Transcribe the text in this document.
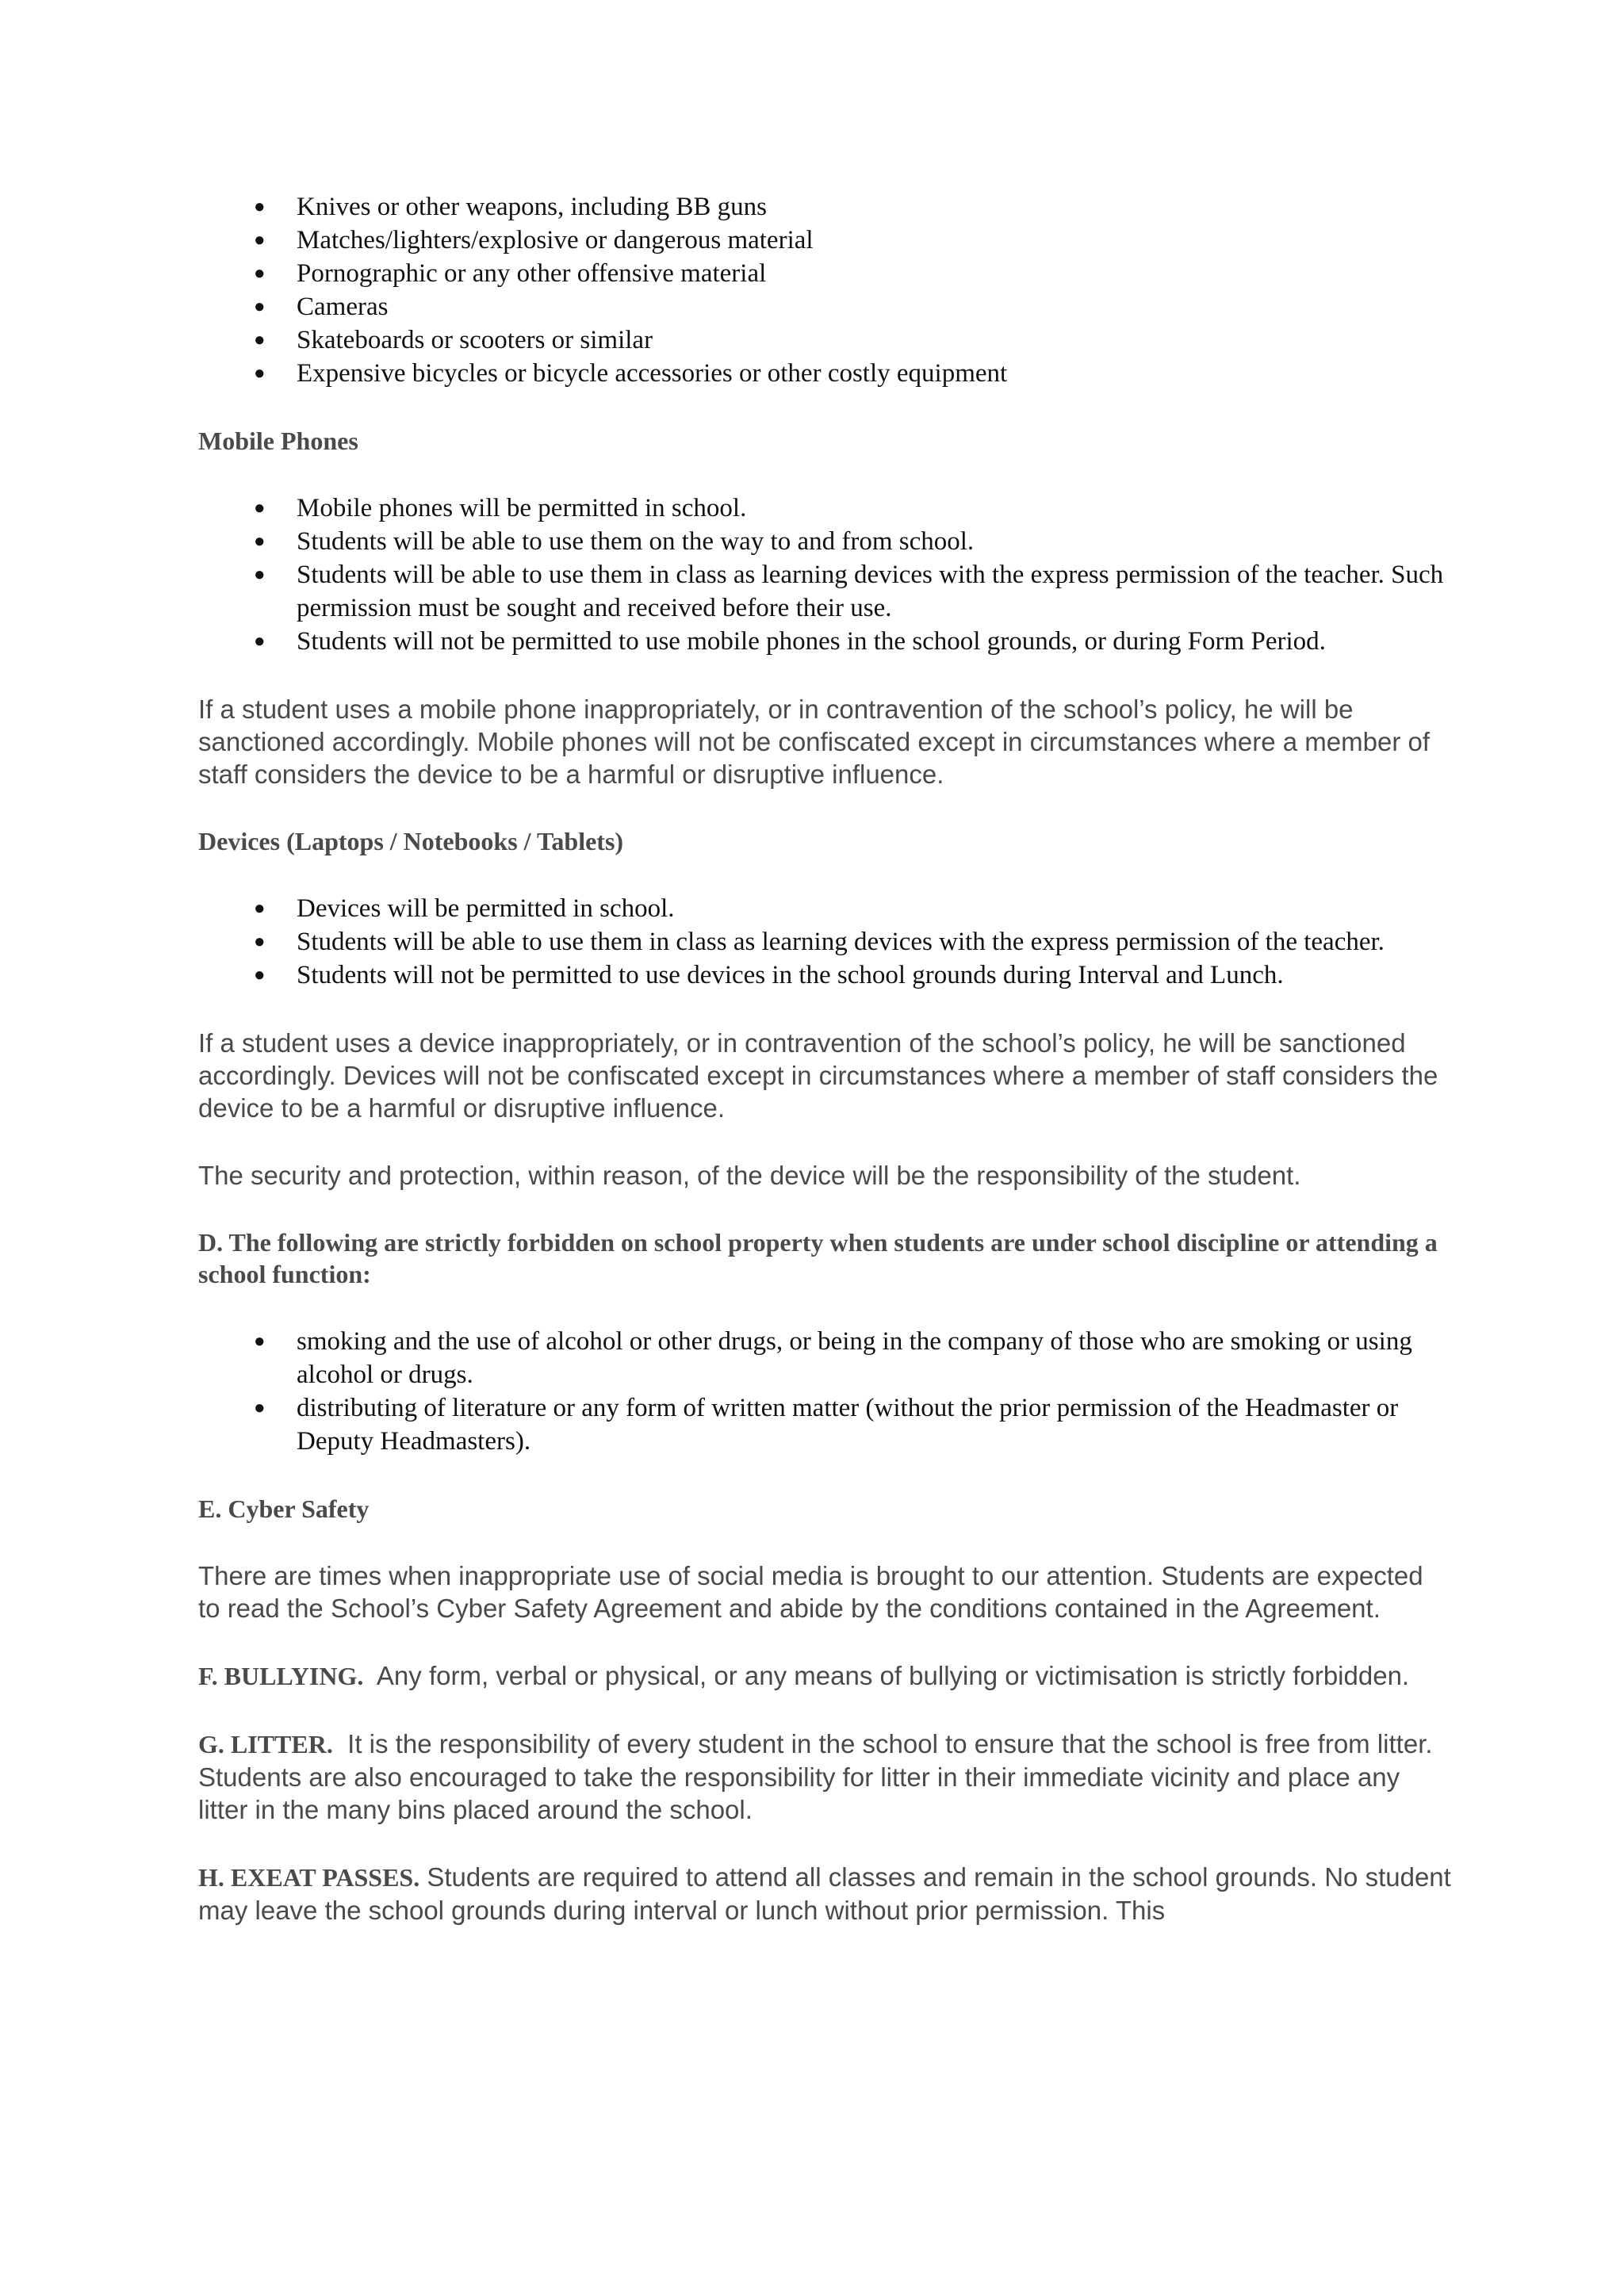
● Knives or other weapons, including BB guns
● Matches/lighters/explosive or dangerous material
● Pornographic or any other offensive material
● Cameras
● Skateboards or scooters or similar
● Expensive bicycles or bicycle accessories or other costly equipment
Mobile Phones
● Mobile phones will be permitted in school.
● Students will be able to use them on the way to and from school.
● Students will be able to use them in class as learning devices with the express permission of the teacher. Such permission must be sought and received before their use.
● Students will not be permitted to use mobile phones in the school grounds, or during Form Period.

If a student uses a mobile phone inappropriately, or in contravention of the school’s policy, he will be sanctioned accordingly. Mobile phones will not be confiscated except in circumstances where a member of staff considers the device to be a harmful or disruptive influence.

Devices (Laptops / Notebooks / Tablets)
● Devices will be permitted in school.
● Students will be able to use them in class as learning devices with the express permission of the teacher.
● Students will not be permitted to use devices in the school grounds during Interval and Lunch.

If a student uses a device inappropriately, or in contravention of the school’s policy, he will be sanctioned accordingly. Devices will not be confiscated except in circumstances where a member of staff considers the device to be a harmful or disruptive influence.

The security and protection, within reason, of the device will be the responsibility of the student.

D. The following are strictly forbidden on school property when students are under school discipline or attending a school function:
● smoking and the use of alcohol or other drugs, or being in the company of those who are smoking or using alcohol or drugs.
● distributing of literature or any form of written matter (without the prior permission of the Headmaster or Deputy Headmasters).
E. Cyber Safety

There are times when inappropriate use of social media is brought to our attention. Students are expected to read the School’s Cyber Safety Agreement and abide by the conditions contained in the Agreement.

F. BULLYING. Any form, verbal or physical, or any means of bullying or victimisation is strictly forbidden.

G. LITTER. It is the responsibility of every student in the school to ensure that the school is free from litter. Students are also encouraged to take the responsibility for litter in their immediate vicinity and place any litter in the many bins placed around the school.

H. EXEAT PASSES. Students are required to attend all classes and remain in the school grounds. No student may leave the school grounds during interval or lunch without prior permission. This
